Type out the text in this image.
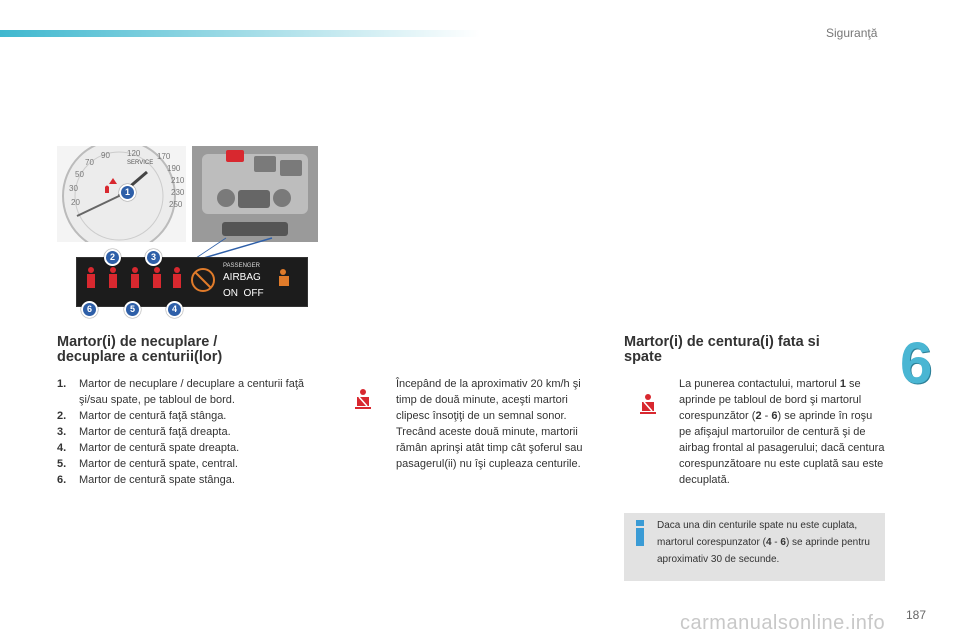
Siguranţă
6
187
SERVICE
90 120
70
50
30
20
170
190
210
230
250
1
PASSENGER
AIRBAG
ON  OFF
2	3
4
5
6
Martor(i) de necuplare /
decuplare a centurii(lor)
1.	Martor de necuplare / decuplare a centurii faţă şi/sau spate, pe tabloul de bord.
2.	Martor de centură faţă stânga.
3.	Martor de centură faţă dreapta.
4.	Martor de centură spate dreapta.
5.	Martor de centură spate, central.
6.	Martor de centură spate stânga.

Începând de la aproximativ 20 km/h şi timp de două minute, aceşti martori clipesc însoţiţi de un semnal sonor. Trecând aceste două minute, martorii rămân aprinşi atât timp cât şoferul sau pasagerul(ii) nu îşi cupleaza centurile.

Martor(i) de centura(i) fata si
spate

La punerea contactului, martorul 1 se aprinde pe tabloul de bord şi martorul corespunzător (2 - 6) se aprinde în roşu pe afişajul martoruilor de centură şi de airbag frontal al pasagerului; dacă centura corespunzătoare nu este cuplată sau este decuplată.

Daca una din centurile spate nu este cuplata, martorul corespunzator (4 - 6) se aprinde pentru aproximativ 30 de secunde.
carmanualsonline.info
